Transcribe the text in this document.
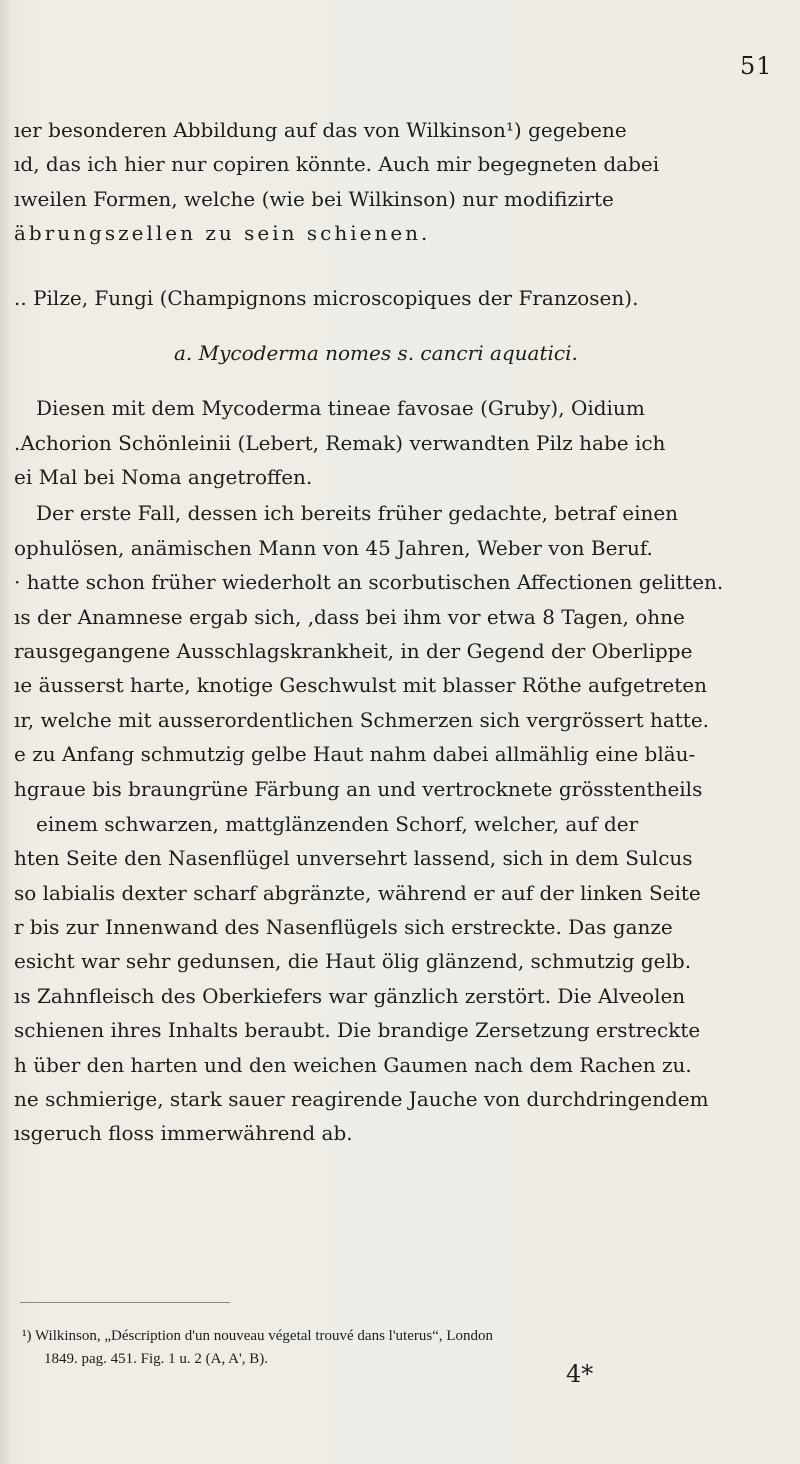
51
ıer besonderen Abbildung auf das von Wilkinson¹) gegebene
ıd, das ich hier nur copiren könnte. Auch mir begegneten dabei
ıweilen Formen, welche (wie bei Wilkinson) nur modifizirte
äbrungszellen zu sein schienen.
.. Pilze, Fungi (Champignons microscopiques der Franzosen).
a. Mycoderma nomes s. cancri aquatici.
Diesen mit dem Mycoderma tineae favosae (Gruby), Oidium
.Achorion Schönleinii (Lebert, Remak) verwandten Pilz habe ich
ei Mal bei Noma angetroffen.
Der erste Fall, dessen ich bereits früher gedachte, betraf einen
ophulösen, anämischen Mann von 45 Jahren, Weber von Beruf.
· hatte schon früher wiederholt an scorbutischen Affectionen gelitten.
ıs der Anamnese ergab sich, ,dass bei ihm vor etwa 8 Tagen, ohne
rausgegangene Ausschlagskrankheit, in der Gegend der Oberlippe
ıe äusserst harte, knotige Geschwulst mit blasser Röthe aufgetreten
ır, welche mit ausserordentlichen Schmerzen sich vergrössert hatte.
e zu Anfang schmutzig gelbe Haut nahm dabei allmählig eine bläu-
hgraue bis braungrüne Färbung an und vertrocknete grösstentheils
einem schwarzen, mattglänzenden Schorf, welcher, auf der
hten Seite den Nasenflügel unversehrt lassend, sich in dem Sulcus
so labialis dexter scharf abgränzte, während er auf der linken Seite
r bis zur Innenwand des Nasenflügels sich erstreckte. Das ganze
esicht war sehr gedunsen, die Haut ölig glänzend, schmutzig gelb.
ıs Zahnfleisch des Oberkiefers war gänzlich zerstört. Die Alveolen
schienen ihres Inhalts beraubt. Die brandige Zersetzung erstreckte
h über den harten und den weichen Gaumen nach dem Rachen zu.
ne schmierige, stark sauer reagirende Jauche von durchdringendem
ısgeruch floss immerwährend ab.
¹) Wilkinson, „Déscription d'un nouveau végetal trouvé dans l'uterus“, London
1849. pag. 451. Fig. 1 u. 2 (A, A', B).
4*
